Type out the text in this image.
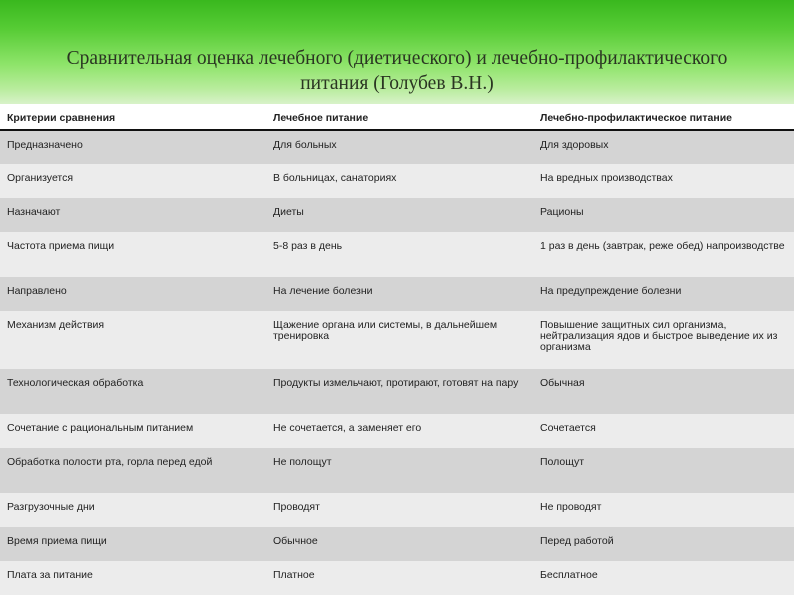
Сравнительная оценка лечебного (диетического) и лечебно-профилактического
питания (Голубев В.Н.)
Критерии сравнения	Лечебное питание	Лечебно-профилактическое питание
Предназначено	Для больных	Для здоровых
Организуется	В больницах, санаториях	На вредных производствах
Назначают	Диеты	Рационы
Частота приема пищи	5-8 раз в день	1 раз в день (завтрак, реже обед) напроизводстве
Направлено	На лечение болезни	На предупреждение болезни
Механизм действия	Щажение органа или системы, в дальнейшем тренировка	Повышение защитных сил организма, нейтрализация ядов и быстрое выведение их из организма
Технологическая обработка	Продукты измельчают, протирают, готовят на пару	Обычная
Сочетание с рациональным питанием	Не сочетается, а заменяет его	Сочетается
Обработка полости рта, горла перед едой	Не полощут	Полощут
Разгрузочные дни	Проводят	Не проводят
Время приема пищи	Обычное	Перед работой
Плата за питание	Платное	Бесплатное
